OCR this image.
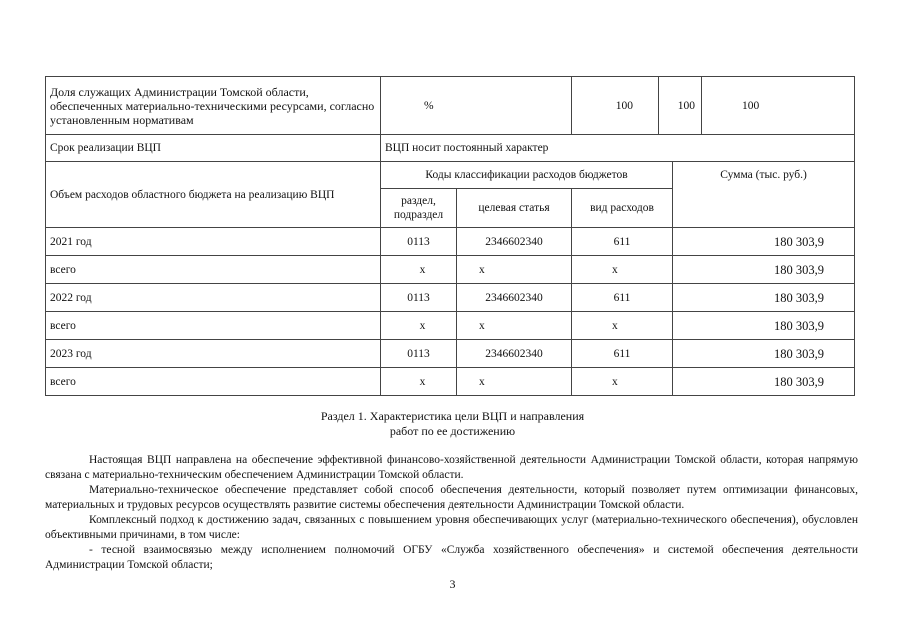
Доля служащих Администрации Томской области, обеспеченных материально-техническими ресурсами, согласно установленным нормативам	%		100	100		100
Срок реализации ВЦП	ВЦП носит постоянный характер					
Объем расходов областного бюджета на реализацию ВЦП	Коды классификации расходов бюджетов				Сумма (тыс. руб.)	
	раздел, подраздел	целевая статья	вид расходов			
2021 год	0113	2346602340	611		180 303,9	
всего	x	x	x		180 303,9	
2022 год	0113	2346602340	611		180 303,9	
всего	x	x	x		180 303,9	
2023 год	0113	2346602340	611		180 303,9	
всего	x	x	x		180 303,9	
Раздел 1. Характеристика цели ВЦП и направления
работ по ее достижению

Настоящая ВЦП направлена на обеспечение эффективной финансово-хозяйственной деятельности Администрации Томской области, которая напрямую связана с материально-техническим обеспечением Администрации Томской области.

Материально-техническое обеспечение представляет собой способ обеспечения деятельности, который позволяет путем оптимизации финансовых, материальных и трудовых ресурсов осуществлять развитие системы обеспечения деятельности Администрации Томской области.

Комплексный подход к достижению задач, связанных с повышением уровня обеспечивающих услуг (материально-технического обеспечения), обусловлен объективными причинами, в том числе:

- тесной взаимосвязью между исполнением полномочий ОГБУ «Служба хозяйственного обеспечения» и системой обеспечения деятельности Администрации Томской области;

3
